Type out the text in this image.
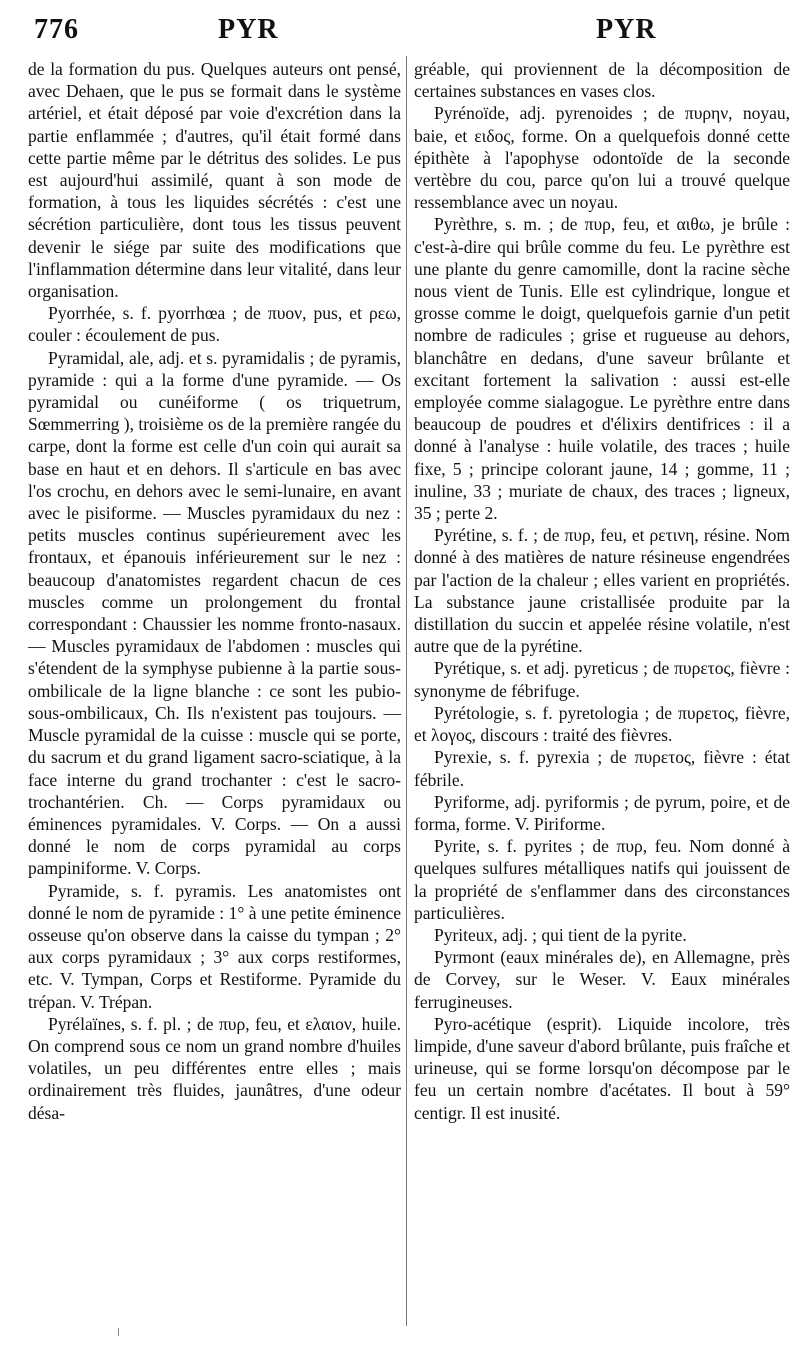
776	PYR	PYR

de la formation du pus. Quelques auteurs ont pensé, avec Dehaen, que le pus se formait dans le système artériel, et était déposé par voie d'excrétion dans la partie enflammée ; d'autres, qu'il était formé dans cette partie même par le détritus des solides. Le pus est aujourd'hui assimilé, quant à son mode de formation, à tous les liquides sécrétés : c'est une sécrétion particulière, dont tous les tissus peuvent devenir le siége par suite des modifications que l'inflammation détermine dans leur vitalité, dans leur organisation.

Pyorrhée, s. f. pyorrhœa ; de πυον, pus, et ρεω, couler : écoulement de pus.

Pyramidal, ale, adj. et s. pyramidalis ; de pyramis, pyramide : qui a la forme d'une pyramide. — Os pyramidal ou cunéiforme ( os triquetrum, Sœmmerring ), troisième os de la première rangée du carpe, dont la forme est celle d'un coin qui aurait sa base en haut et en dehors. Il s'articule en bas avec l'os crochu, en dehors avec le semi-lunaire, en avant avec le pisiforme. — Muscles pyramidaux du nez : petits muscles continus supérieurement avec les frontaux, et épanouis inférieurement sur le nez : beaucoup d'anatomistes regardent chacun de ces muscles comme un prolongement du frontal correspondant : Chaussier les nomme fronto-nasaux. — Muscles pyramidaux de l'abdomen : muscles qui s'étendent de la symphyse pubienne à la partie sous-ombilicale de la ligne blanche : ce sont les pubio-sous-ombilicaux, Ch. Ils n'existent pas toujours. — Muscle pyramidal de la cuisse : muscle qui se porte, du sacrum et du grand ligament sacro-sciatique, à la face interne du grand trochanter : c'est le sacro-trochantérien. Ch. — Corps pyramidaux ou éminences pyramidales. V. Corps. — On a aussi donné le nom de corps pyramidal au corps pampiniforme. V. Corps.

Pyramide, s. f. pyramis. Les anatomistes ont donné le nom de pyramide : 1° à une petite éminence osseuse qu'on observe dans la caisse du tympan ; 2° aux corps pyramidaux ; 3° aux corps restiformes, etc. V. Tympan, Corps et Restiforme. Pyramide du trépan. V. Trépan.

Pyrélaïnes, s. f. pl. ; de πυρ, feu, et ελαιον, huile. On comprend sous ce nom un grand nombre d'huiles volatiles, un peu différentes entre elles ; mais ordinairement très fluides, jaunâtres, d'une odeur désa-

gréable, qui proviennent de la décomposition de certaines substances en vases clos.

Pyrénoïde, adj. pyrenoides ; de πυρην, noyau, baie, et ειδος, forme. On a quelquefois donné cette épithète à l'apophyse odontoïde de la seconde vertèbre du cou, parce qu'on lui a trouvé quelque ressemblance avec un noyau.

Pyrèthre, s. m. ; de πυρ, feu, et αιθω, je brûle : c'est-à-dire qui brûle comme du feu. Le pyrèthre est une plante du genre camomille, dont la racine sèche nous vient de Tunis. Elle est cylindrique, longue et grosse comme le doigt, quelquefois garnie d'un petit nombre de radicules ; grise et rugueuse au dehors, blanchâtre en dedans, d'une saveur brûlante et excitant fortement la salivation : aussi est-elle employée comme sialagogue. Le pyrèthre entre dans beaucoup de poudres et d'élixirs dentifrices : il a donné à l'analyse : huile volatile, des traces ; huile fixe, 5 ; principe colorant jaune, 14 ; gomme, 11 ; inuline, 33 ; muriate de chaux, des traces ; ligneux, 35 ; perte 2.

Pyrétine, s. f. ; de πυρ, feu, et ρετινη, résine. Nom donné à des matières de nature résineuse engendrées par l'action de la chaleur ; elles varient en propriétés. La substance jaune cristallisée produite par la distillation du succin et appelée résine volatile, n'est autre que de la pyrétine.

Pyrétique, s. et adj. pyreticus ; de πυρετος, fièvre : synonyme de fébrifuge.

Pyrétologie, s. f. pyretologia ; de πυρετος, fièvre, et λογος, discours : traité des fièvres.

Pyrexie, s. f. pyrexia ; de πυρετος, fièvre : état fébrile.

Pyriforme, adj. pyriformis ; de pyrum, poire, et de forma, forme. V. Piriforme.

Pyrite, s. f. pyrites ; de πυρ, feu. Nom donné à quelques sulfures métalliques natifs qui jouissent de la propriété de s'enflammer dans des circonstances particulières.

Pyriteux, adj. ; qui tient de la pyrite.

Pyrmont (eaux minérales de), en Allemagne, près de Corvey, sur le Weser. V. Eaux minérales ferrugineuses.

Pyro-acétique (esprit). Liquide incolore, très limpide, d'une saveur d'abord brûlante, puis fraîche et urineuse, qui se forme lorsqu'on décompose par le feu un certain nombre d'acétates. Il bout à 59° centigr. Il est inusité.
